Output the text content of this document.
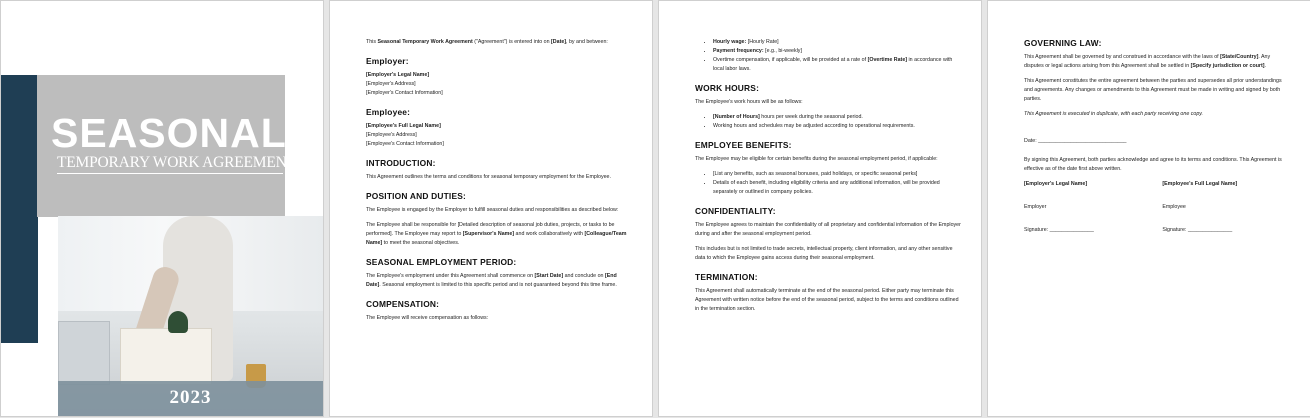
SEASONAL
TEMPORARY WORK AGREEMENT
2023

This Seasonal Temporary Work Agreement ("Agreement") is entered into on [Date], by and between:

Employer:

[Employer's Legal Name]

[Employer's Address]

[Employer's Contact Information]

Employee:

[Employee's Full Legal Name]

[Employee's Address]

[Employee's Contact Information]

INTRODUCTION:

This Agreement outlines the terms and conditions for seasonal temporary employment for the Employee.

POSITION AND DUTIES:

The Employee is engaged by the Employer to fulfill seasonal duties and responsibilities as described below:

The Employee shall be responsible for [Detailed description of seasonal job duties, projects, or tasks to be performed]. The Employee may report to [Supervisor's Name] and work collaboratively with [Colleague/Team Name] to meet the seasonal objectives.

SEASONAL EMPLOYMENT PERIOD:

The Employee's employment under this Agreement shall commence on [Start Date] and conclude on [End Date]. Seasonal employment is limited to this specific period and is not guaranteed beyond this time frame.

COMPENSATION:

The Employee will receive compensation as follows:

• Hourly wage: [Hourly Rate]
• Payment frequency: [e.g., bi-weekly]
• Overtime compensation, if applicable, will be provided at a rate of [Overtime Rate] in accordance with local labor laws.
WORK HOURS:

The Employee's work hours will be as follows:

• [Number of Hours] hours per week during the seasonal period.
• Working hours and schedules may be adjusted according to operational requirements.
EMPLOYEE BENEFITS:

The Employee may be eligible for certain benefits during the seasonal employment period, if applicable:

• [List any benefits, such as seasonal bonuses, paid holidays, or specific seasonal perks]
• Details of each benefit, including eligibility criteria and any additional information, will be provided separately or outlined in company policies.
CONFIDENTIALITY:

The Employee agrees to maintain the confidentiality of all proprietary and confidential information of the Employer during and after the seasonal employment period.

This includes but is not limited to trade secrets, intellectual property, client information, and any other sensitive data to which the Employee gains access during their seasonal employment.

TERMINATION:

This Agreement shall automatically terminate at the end of the seasonal period. Either party may terminate this Agreement with written notice before the end of the seasonal period, subject to the terms and conditions outlined in the termination section.

GOVERNING LAW:

This Agreement shall be governed by and construed in accordance with the laws of [State/Country]. Any disputes or legal actions arising from this Agreement shall be settled in [Specify jurisdiction or court].

This Agreement constitutes the entire agreement between the parties and supersedes all prior understandings and agreements. Any changes or amendments to this Agreement must be made in writing and signed by both parties.

This Agreement is executed in duplicate, with each party receiving one copy.

Date: ______________________________

By signing this Agreement, both parties acknowledge and agree to its terms and conditions. This Agreement is effective as of the date first above written.

[Employer's Legal Name]

Employer

Signature: _______________

[Employee's Full Legal Name]

Employee

Signature: _______________
